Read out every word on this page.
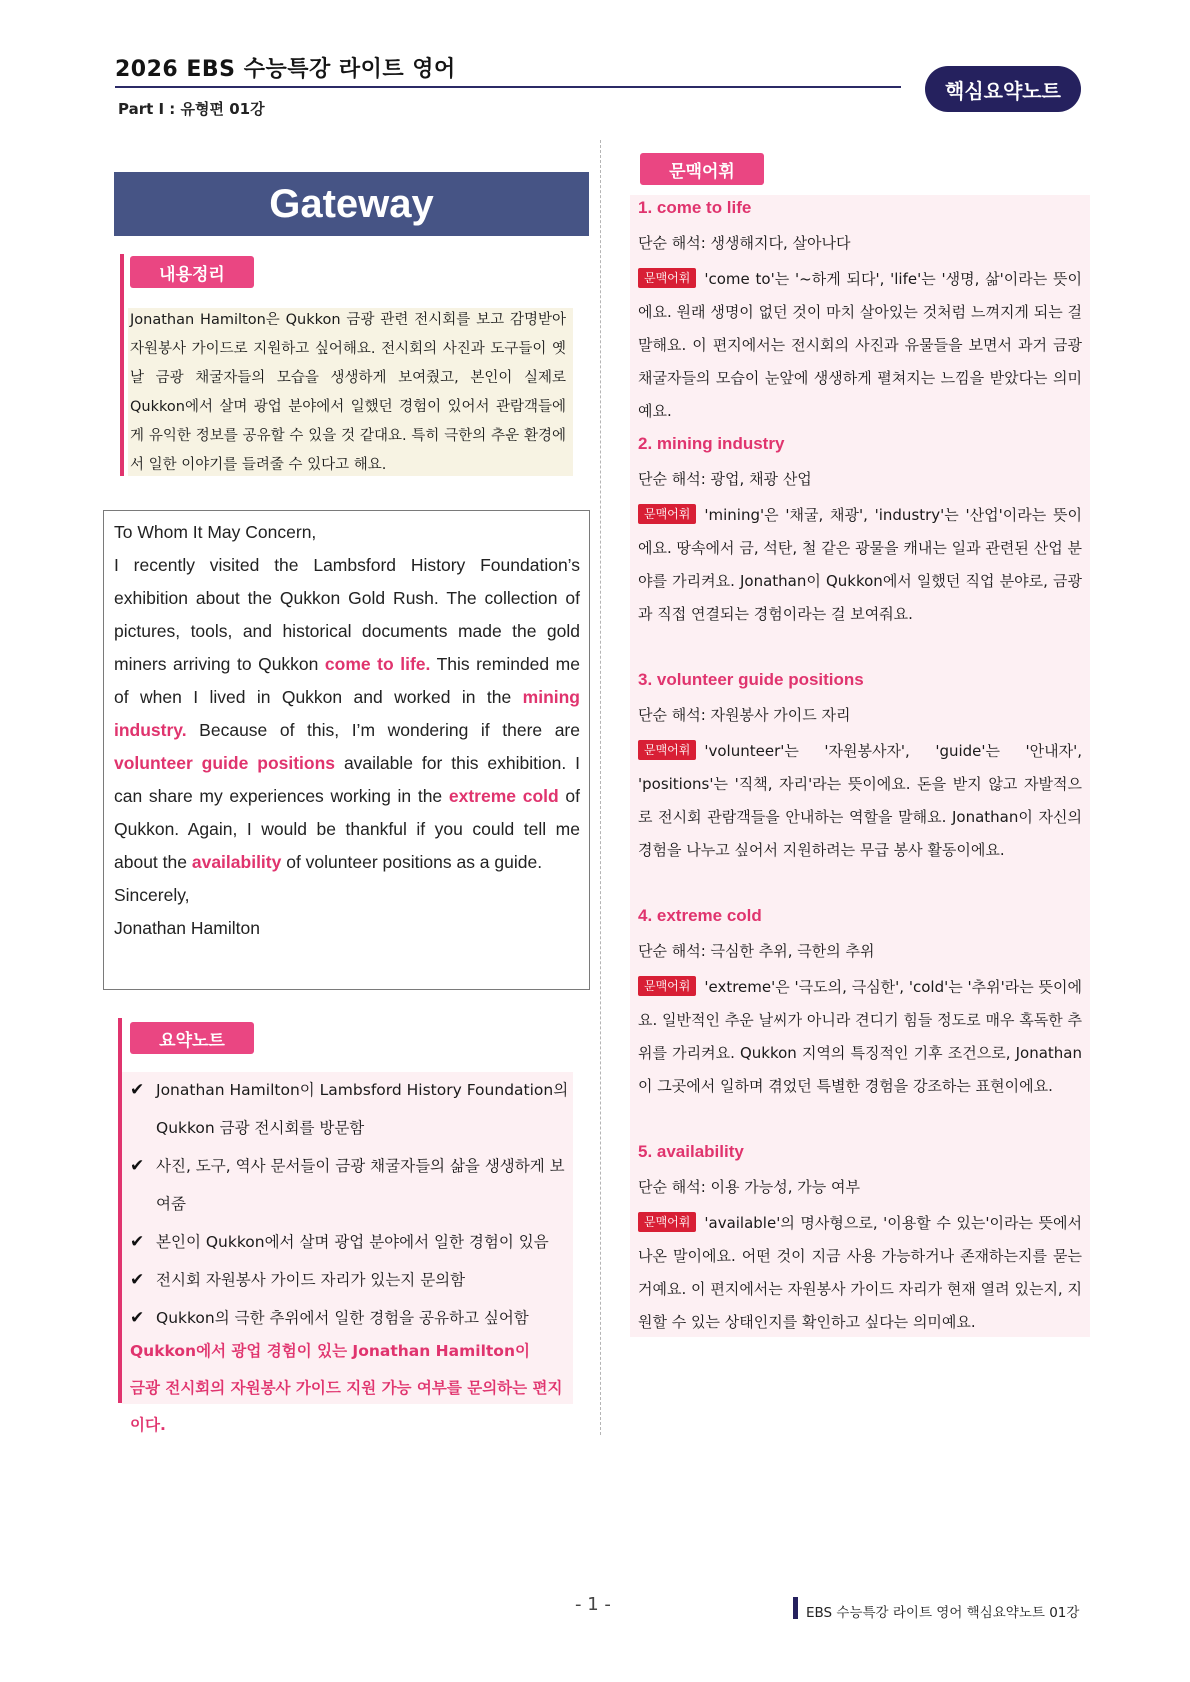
2026 EBS 수능특강 라이트 영어
Part Ⅰ : 유형편 01강
핵심요약노트
Gateway
내용정리
Jonathan Hamilton은 Qukkon 금광 관련 전시회를 보고 감명받아 자원봉사 가이드로 지원하고 싶어해요. 전시회의 사진과 도구들이 옛날 금광 채굴자들의 모습을 생생하게 보여줬고, 본인이 실제로 Qukkon에서 살며 광업 분야에서 일했던 경험이 있어서 관람객들에게 유익한 정보를 공유할 수 있을 것 같대요. 특히 극한의 추운 환경에서 일한 이야기를 들려줄 수 있다고 해요.
To Whom It May Concern,
I recently visited the Lambsford History Foundation’s exhibition about the Qukkon Gold Rush. The collection of pictures, tools, and historical documents made the gold miners arriving to Qukkon come to life. This reminded me of when I lived in Qukkon and worked in the mining industry. Because of this, I’m wondering if there are volunteer guide positions available for this exhibition. I can share my experiences working in the extreme cold of Qukkon. Again, I would be thankful if you could tell me about the availability of volunteer positions as a guide.
Sincerely,
Jonathan Hamilton
요약노트
✔ Jonathan Hamilton이 Lambsford History Foundation의 Qukkon 금광 전시회를 방문함
✔ 사진, 도구, 역사 문서들이 금광 채굴자들의 삶을 생생하게 보여줌
✔ 본인이 Qukkon에서 살며 광업 분야에서 일한 경험이 있음
✔ 전시회 자원봉사 가이드 자리가 있는지 문의함
✔ Qukkon의 극한 추위에서 일한 경험을 공유하고 싶어함
Qukkon에서 광업 경험이 있는 Jonathan Hamilton이
금광 전시회의 자원봉사 가이드 지원 가능 여부를 문의하는 편지이다.
문맥어휘
1. come to life
단순 해석: 생생해지다, 살아나다
문맥어휘 'come to'는 '~하게 되다', 'life'는 '생명, 삶'이라는 뜻이에요. 원래 생명이 없던 것이 마치 살아있는 것처럼 느껴지게 되는 걸 말해요. 이 편지에서는 전시회의 사진과 유물들을 보면서 과거 금광 채굴자들의 모습이 눈앞에 생생하게 펼쳐지는 느낌을 받았다는 의미예요.
2. mining industry
단순 해석: 광업, 채광 산업
문맥어휘 'mining'은 '채굴, 채광', 'industry'는 '산업'이라는 뜻이에요. 땅속에서 금, 석탄, 철 같은 광물을 캐내는 일과 관련된 산업 분야를 가리켜요. Jonathan이 Qukkon에서 일했던 직업 분야로, 금광과 직접 연결되는 경험이라는 걸 보여줘요.
3. volunteer guide positions
단순 해석: 자원봉사 가이드 자리
문맥어휘 'volunteer'는 '자원봉사자', 'guide'는 '안내자', 'positions'는 '직책, 자리'라는 뜻이에요. 돈을 받지 않고 자발적으로 전시회 관람객들을 안내하는 역할을 말해요. Jonathan이 자신의 경험을 나누고 싶어서 지원하려는 무급 봉사 활동이에요.
4. extreme cold
단순 해석: 극심한 추위, 극한의 추위
문맥어휘 'extreme'은 '극도의, 극심한', 'cold'는 '추위'라는 뜻이에요. 일반적인 추운 날씨가 아니라 견디기 힘들 정도로 매우 혹독한 추위를 가리켜요. Qukkon 지역의 특징적인 기후 조건으로, Jonathan이 그곳에서 일하며 겪었던 특별한 경험을 강조하는 표현이에요.
5. availability
단순 해석: 이용 가능성, 가능 여부
문맥어휘 'available'의 명사형으로, '이용할 수 있는'이라는 뜻에서 나온 말이에요. 어떤 것이 지금 사용 가능하거나 존재하는지를 묻는 거예요. 이 편지에서는 자원봉사 가이드 자리가 현재 열려 있는지, 지원할 수 있는 상태인지를 확인하고 싶다는 의미예요.
- 1 -	EBS 수능특강 라이트 영어 핵심요약노트 01강
